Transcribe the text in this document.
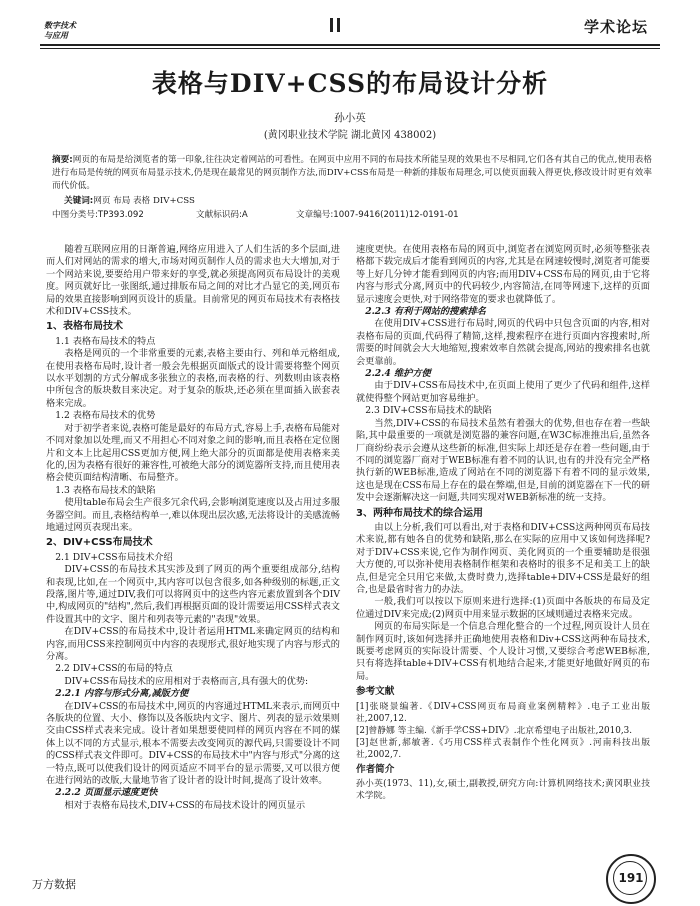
数字技术
与应用	学术论坛
表格与DIV+CSS的布局设计分析
孙小英
(黄冈职业技术学院 湖北黄冈 438002)
摘要:网页的布局是给浏览者的第一印象,往往决定着网站的可看性。在网页中应用不同的布局技术所能呈现的效果也不尽相同,它们各有其自己的优点,使用表格进行布局是传统的网页布局显示技术,仍是现在最常见的网页制作方法,而DIV+CSS布局是一种新的排版布局理念,可以使页面载入得更快,修改设计时更有效率而代价低。
关键词:网页 布局 表格 DIV+CSS
中图分类号:TP393.092	文献标识码:A	文章编号:1007-9416(2011)12-0191-01

随着互联网应用的日渐普遍,网络应用进入了人们生活的多个层面,进而人们对网站的需求的增大,市场对网页制作人员的需求也大大增加,对于一个网站来说,要要给用户带来好的享受,就必须提高网页布局设计的美观度。网页就好比一张图纸,通过排版布局之间的对比才凸显它的美,网页布局的效果直接影响到网页设计的质量。目前常见的网页布局技术有表格技术和DIV+CSS技术。

1、表格布局技术

1.1 表格布局技术的特点

表格是网页的一个非常重要的元素,表格主要由行、列和单元格组成,在使用表格布局时,设计者一般会先根据页面版式的设计需要将整个网页以水平划割的方式分解成多张独立的表格,而表格的行、列数则由该表格中所包含的版块数目来决定。对于复杂的版块,还必须在里面插入嵌套表格来完成。

1.2 表格布局技术的优势

对于初学者来说,表格可能是最好的布局方式,容易上手,表格布局能对不同对象加以处理,而又不用担心不同对象之间的影响,而且表格在定位图片和文本上比起用CSS更加方便,网上绝大部分的页面都是使用表格来美化的,因为表格有很好的兼容性,可被绝大部分的浏览器所支持,而且使用表格会使页面结构清晰、布局整齐。

1.3 表格布局技术的缺陷

使用table布局会生产很多冗余代码,会影响浏览速度以及占用过多服务器空间。而且,表格结构单一,难以体现出层次感,无法将设计的美感流畅地通过网页表现出来。

2、DIV+CSS布局技术

2.1 DIV+CSS布局技术介绍

DIV+CSS的布局技术其实涉及到了网页的两个重要组成部分,结构和表现,比如,在一个网页中,其内容可以包含很多,如各种级别的标题,正文段落,图片等,通过DIV,我们可以将网页中的这些内容元素放置到各个DIV中,构成网页的"结构",然后,我们再根据页面的设计需要运用CSS样式表文件设置其中的文字、图片和列表等元素的"表现"效果。

在DIV+CSS的布局技术中,设计者运用HTML来确定网页的结构和内容,而用CSS来控制网页中内容的表现形式,很好地实现了内容与形式的分离。

2.2 DIV+CSS的布局的特点

DIV+CSS布局技术的应用相对于表格而言,具有强大的优势:

2.2.1 内容与形式分离,减版方便

在DIV+CSS的布局技术中,网页的内容通过HTML来表示,而网页中各版块的位置、大小、修饰以及各版块内文字、图片、列表的显示效果则交由CSS样式表来完成。设计者如果想要使同样的网页内容在不同的媒体上以不同的方式显示,根本不需要去改变网页的源代码,只需要设计不同的CSS样式表文件即可。DIV+CSS的布局技术中"内容与形式"分离的这一特点,既可以使我们设计的网页适应不同平台的显示需要,又可以很方便在进行网站的改版,大量地节省了设计者的设计时间,提高了设计效率。

2.2.2 页面显示速度更快

相对于表格布局技术,DIV+CSS的布局技术设计的网页显示

速度更快。在使用表格布局的网页中,浏览者在浏览网页时,必须等整张表格都下载完成后才能看到网页的内容,尤其是在网速较慢时,浏览者可能要等上好几分钟才能看到网页的内容;而用DIV+CSS布局的网页,由于它将内容与形式分离,网页中的代码较少,内容简洁,在同等网速下,这样的页面显示速度会更快,对于网络带宽的要求也就降低了。

2.2.3 有利于网站的搜索排名

在使用DIV+CSS进行布局时,网页的代码中只包含页面的内容,相对表格布局的页面,代码得了精简,这样,搜索程序在进行页面内容搜索时,所需要的时间就会大大地缩短,搜索效率自然就会提高,网站的搜索排名也就会更靠前。

2.2.4 维护方便

由于DIV+CSS布局技术中,在页面上使用了更少了代码和组件,这样就使得整个网站更加容易维护。

2.3 DIV+CSS布局技术的缺陷

当然,DIV+CSS的布局技术虽然有着强大的优势,但也存在着一些缺陷,其中最重要的一项就是浏览器的兼容问题,在W3C标准推出后,虽然各厂商纷纷表示会遵从这些新的标准,但实际上却还是存在着一些问题,由于不同的浏览器厂商对于WEB标准有着不同的认识,也有的并没有完全严格执行新的WEB标准,造成了网站在不同的浏览器下有着不同的显示效果,这也是现在CSS布局上存在的最在弊端,但是,目前的浏览器在下一代的研发中会逐渐解决这一问题,共同实现对WEB新标准的统一支持。

3、两种布局技术的综合运用

由以上分析,我们可以看出,对于表格和DIV+CSS这两种网页布局技术来说,都有她各自的优势和缺陷,那么在实际的应用中又该如何选择呢?对于DIV+CSS来说,它作为制作网页、美化网页的一个重要辅助是很强大方便的,可以弥补使用表格制作框架和表格时的很多不足和美工上的缺点,但是完全只用它来做,太费时费力,选择table+DIV+CSS是最好的组合,也是最省时省力的办法。

一般,我们可以按以下原则来进行选择:(1)页面中各版块的布局及定位通过DIV来完成;(2)网页中用来显示数据的区域则通过表格来完成。

网页的布局实际是一个信息合理化整合的一个过程,网页设计人员在制作网页时,该如何选择并正确地使用表格和Div+CSS这两种布局技术,既要考虑网页的实际设计需要、个人设计习惯,又要综合考虑WEB标准,只有将选择table+DIV+CSS有机地结合起来,才能更好地做好网页的布局。

参考文献

[1]张晓景编著.《DIV+CSS网页布局商业案例精粹》.电子工业出版社,2007,12.

[2]曾静娜 等主编.《新手学CSS+DIV》.北京希望电子出版社,2010,3.

[3]赵世新,郝敏著.《巧用CSS样式表制作个性化网页》.河南科技出版社,2002,7.

作者简介

孙小英(1973、11),女,硕士,副教授,研究方向:计算机网络技术;黄冈职业技术学院。

万方数据	191
